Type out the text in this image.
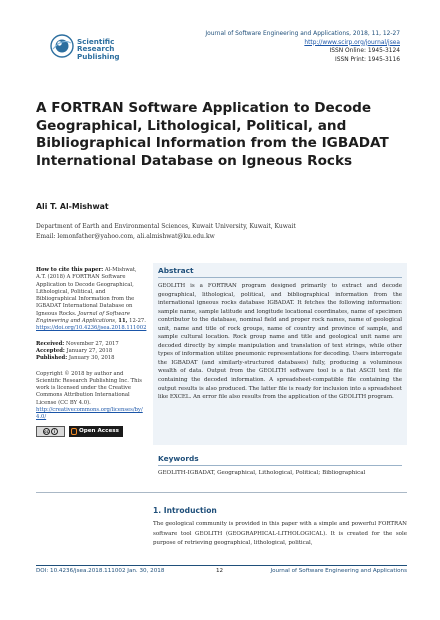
Scientific
Research
Publishing
Journal of Software Engineering and Applications, 2018, 11, 12-27
http://www.scirp.org/journal/jsea
ISSN Online: 1945-3124
ISSN Print: 1945-3116
A FORTRAN Software Application to Decode Geographical, Lithological, Political, and Bibliographical Information from the IGBADAT International Database on Igneous Rocks
Ali T. Al-Mishwat
Department of Earth and Environmental Sciences, Kuwait University, Kuwait, Kuwait
Email: lemonfather@yahoo.com, ali.almishwat@ku.edu.kw
How to cite this paper: Al-Mishwat, A.T. (2018) A FORTRAN Software Application to Decode Geographical, Lithological, Political, and Bibliographical Information from the IGBADAT International Database on Igneous Rocks. Journal of Software Engineering and Applications, 11, 12-27. https://doi.org/10.4236/jsea.2018.111002
Received: November 27, 2017
Accepted: January 27, 2018
Published: January 30, 2018
Copyright © 2018 by author and Scientific Research Publishing Inc. This work is licensed under the Creative Commons Attribution International License (CC BY 4.0).
http://creativecommons.org/licenses/by/4.0/
cc	i	Open Access
Abstract
GEOLITH is a FORTRAN program designed primarily to extract and decode geographical, lithological, political, and bibliographical information from the international igneous rocks database IGBADAT. It fetches the following information: sample name, sample latitude and longitude locational coordinates, name of specimen contributor to the database, nominal field and proper rock names, name of geological unit, name and title of rock groups, name of country and province of sample, and sample cultural location. Rock group name and title and geological unit name are decoded directly by simple manipulation and translation of text strings, while other types of information utilize pneumonic representations for decoding. Users interrogate the IGBADAT (and similarly-structured databases) fully, producing a voluminous wealth of data. Output from the GEOLITH software tool is a flat ASCII text file containing the decoded information. A spreadsheet-compatible file containing the output results is also produced. The latter file is ready for inclusion into a spreadsheet like EXCEL. An error file also results from the application of the GEOLITH program.
Keywords
GEOLITH-IGBADAT, Geographical, Lithological, Political; Bibliographical
1. Introduction
The geological community is provided in this paper with a simple and powerful FORTRAN software tool GEOLITH (GEOGRAPHICAL-LITHOLOGICAL). It is created for the sole purpose of retrieving geographical, lithological, political,
DOI: 10.4236/jsea.2018.111002 Jan. 30, 2018	12	Journal of Software Engineering and Applications
